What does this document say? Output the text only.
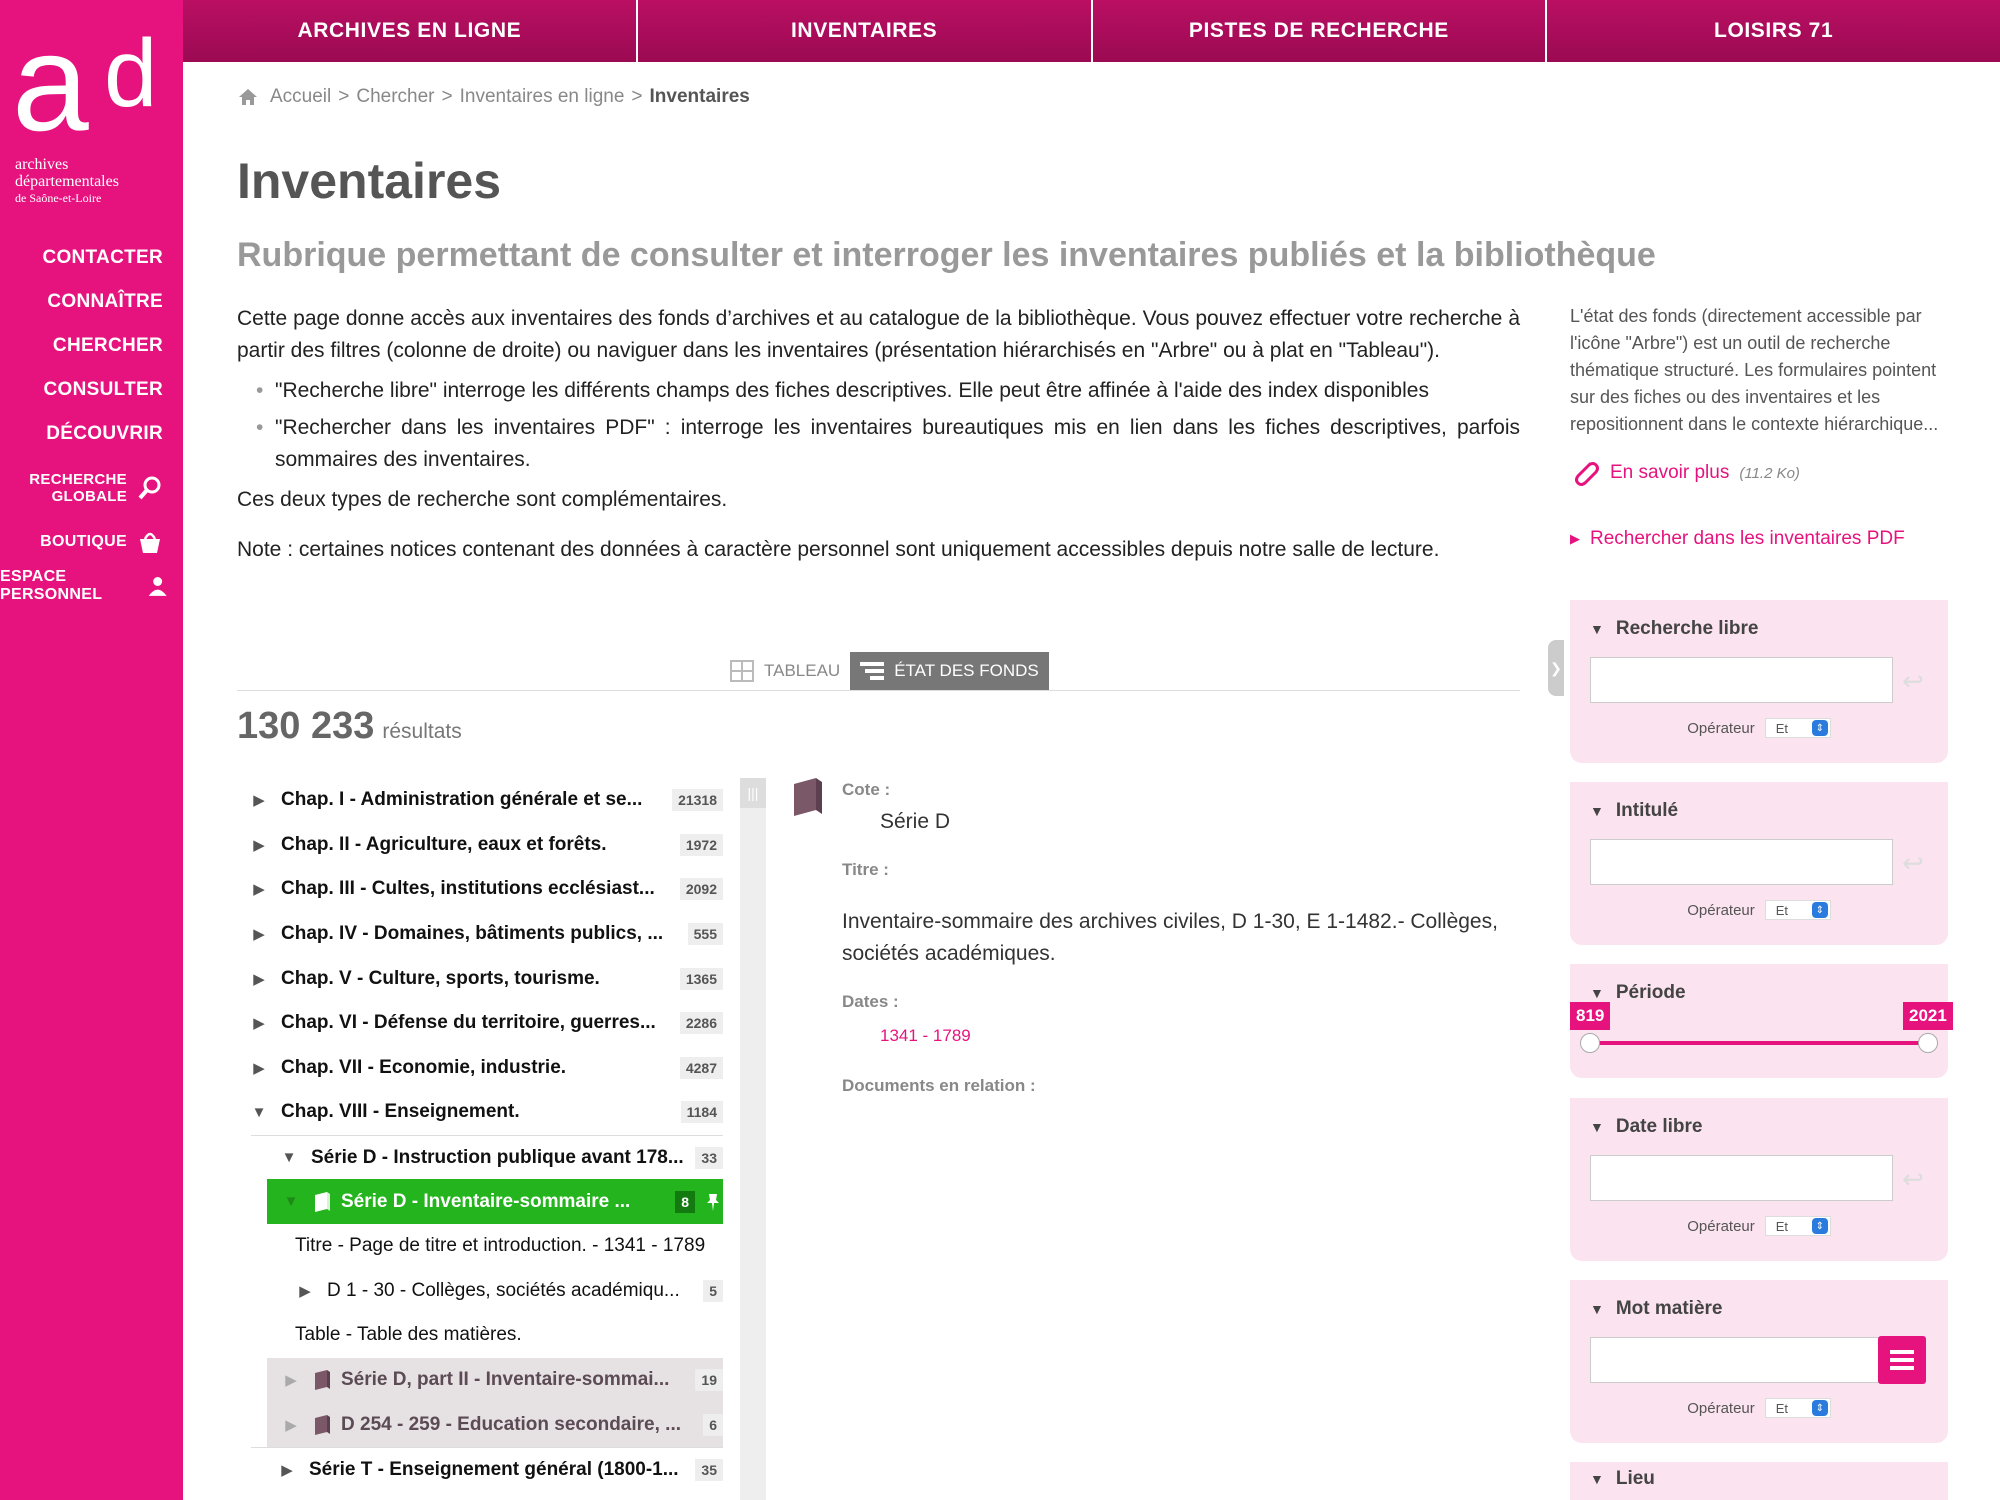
a d
archives
départementales
de Saône-et-Loire
CONTACTER
CONNAÎTRE
CHERCHER
CONSULTER
DÉCOUVRIR
RECHERCHE
GLOBALE
BOUTIQUE
ESPACE PERSONNEL
ARCHIVES EN LIGNE	INVENTAIRES	PISTES DE RECHERCHE	LOISIRS 71
Accueil > Chercher > Inventaires en ligne > Inventaires
Inventaires
Rubrique permettant de consulter et interroger les inventaires publiés et la bibliothèque

Cette page donne accès aux inventaires des fonds d’archives et au catalogue de la bibliothèque. Vous pouvez effectuer votre recherche à partir des filtres (colonne de droite) ou naviguer dans les inventaires (présentation hiérarchisés en "Arbre" ou à plat en "Tableau").

• "Recherche libre" interroge les différents champs des fiches descriptives. Elle peut être affinée à l'aide des index disponibles
• "Rechercher dans les inventaires PDF" : interroge les inventaires bureautiques mis en lien dans les fiches descriptives, parfois sommaires des inventaires.

Ces deux types de recherche sont complémentaires.

Note : certaines notices contenant des données à caractère personnel sont uniquement accessibles depuis notre salle de lecture.

L'état des fonds (directement accessible par l'icône "Arbre") est un outil de recherche thématique structuré. Les formulaires pointent sur des fiches ou des inventaires et les repositionnent dans le contexte hiérarchique...

En savoir plus (11.2 Ko)
▶ Rechercher dans les inventaires PDF
❯
▼ Recherche libre
↩
Opérateur Et	⇕
▼ Intitulé
↩
Opérateur Et	⇕
▼ Période
819	2021
▼ Date libre
↩
Opérateur Et	⇕
▼ Mot matière
Opérateur Et	⇕
▼ Lieu
TABLEAU	ÉTAT DES FONDS
130 233 résultats
▶ Chap. I - Administration générale et se...	21318
▶ Chap. II - Agriculture, eaux et forêts.	1972
▶ Chap. III - Cultes, institutions ecclésiast...	2092
▶ Chap. IV - Domaines, bâtiments publics, ...	555
▶ Chap. V - Culture, sports, tourisme.	1365
▶ Chap. VI - Défense du territoire, guerres...	2286
▶ Chap. VII - Economie, industrie.	4287
▼ Chap. VIII - Enseignement.	1184
▼ Série D - Instruction publique avant 178...	33
▼ Série D - Inventaire-sommaire ...	8
Titre - Page de titre et introduction. - 1341 - 1789
▶ D 1 - 30 - Collèges, sociétés académiqu...	5
Table - Table des matières.
▶ Série D, part II - Inventaire-sommai...	19
▶ D 254 - 259 - Education secondaire, ...	6
▶ Série T - Enseignement général (1800-1...	35
|||	Cote :
Série D
Titre :
Inventaire-sommaire des archives civiles, D 1-30, E 1-1482.- Collèges, sociétés académiques.
Dates :
1341 - 1789
Documents en relation :
